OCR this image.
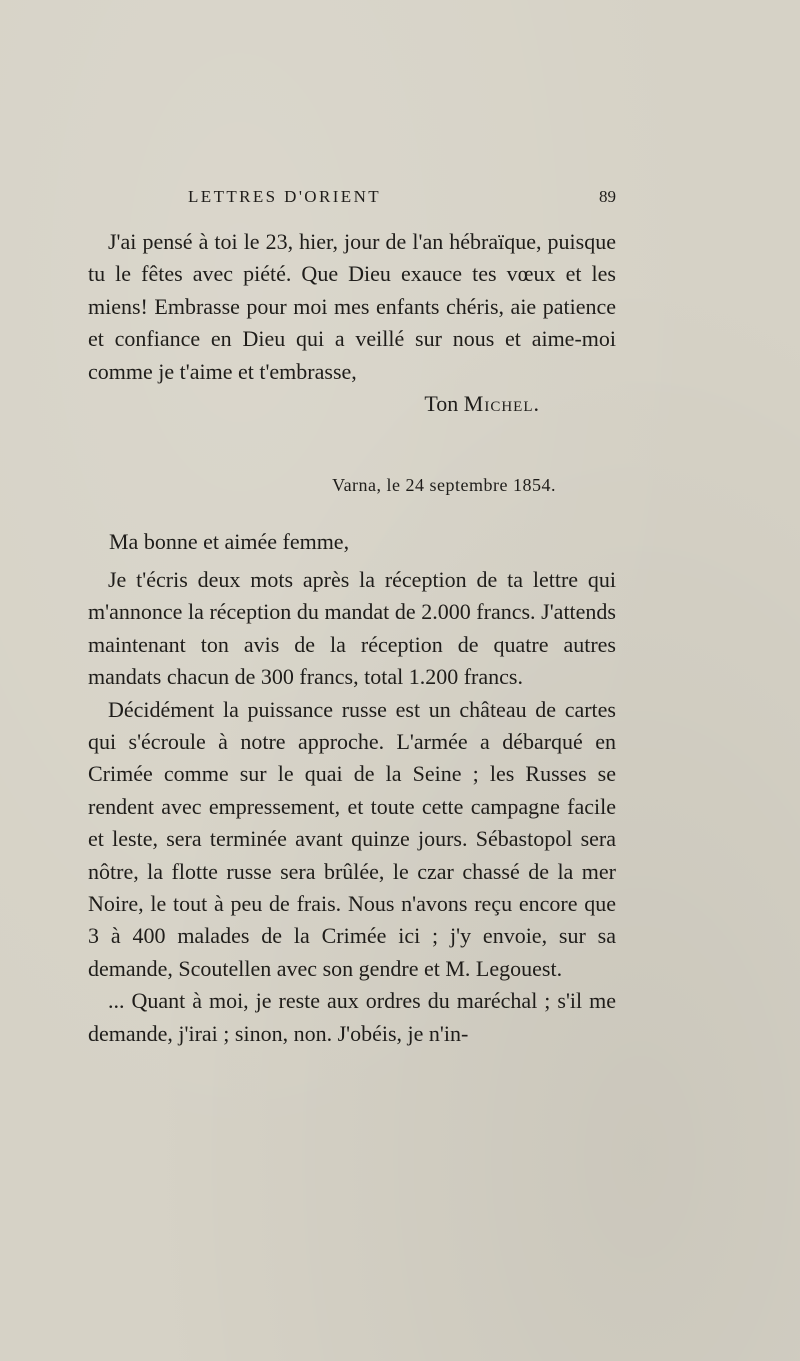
LETTRES D'ORIENT	89

J'ai pensé à toi le 23, hier, jour de l'an hébraïque, puisque tu le fêtes avec piété. Que Dieu exauce tes vœux et les miens! Embrasse pour moi mes enfants chéris, aie patience et confiance en Dieu qui a veillé sur nous et aime-moi comme je t'aime et t'embrasse,

Ton Michel.

Varna, le 24 septembre 1854.

Ma bonne et aimée femme,

Je t'écris deux mots après la réception de ta lettre qui m'annonce la réception du mandat de 2.000 francs. J'attends maintenant ton avis de la réception de quatre autres mandats chacun de 300 francs, total 1.200 francs.

Décidément la puissance russe est un château de cartes qui s'écroule à notre approche. L'armée a débarqué en Crimée comme sur le quai de la Seine ; les Russes se rendent avec empressement, et toute cette campagne facile et leste, sera terminée avant quinze jours. Sébastopol sera nôtre, la flotte russe sera brûlée, le czar chassé de la mer Noire, le tout à peu de frais. Nous n'avons reçu encore que 3 à 400 malades de la Crimée ici ; j'y envoie, sur sa demande, Scoutellen avec son gendre et M. Legouest.

... Quant à moi, je reste aux ordres du maréchal ; s'il me demande, j'irai ; sinon, non. J'obéis, je n'in-
